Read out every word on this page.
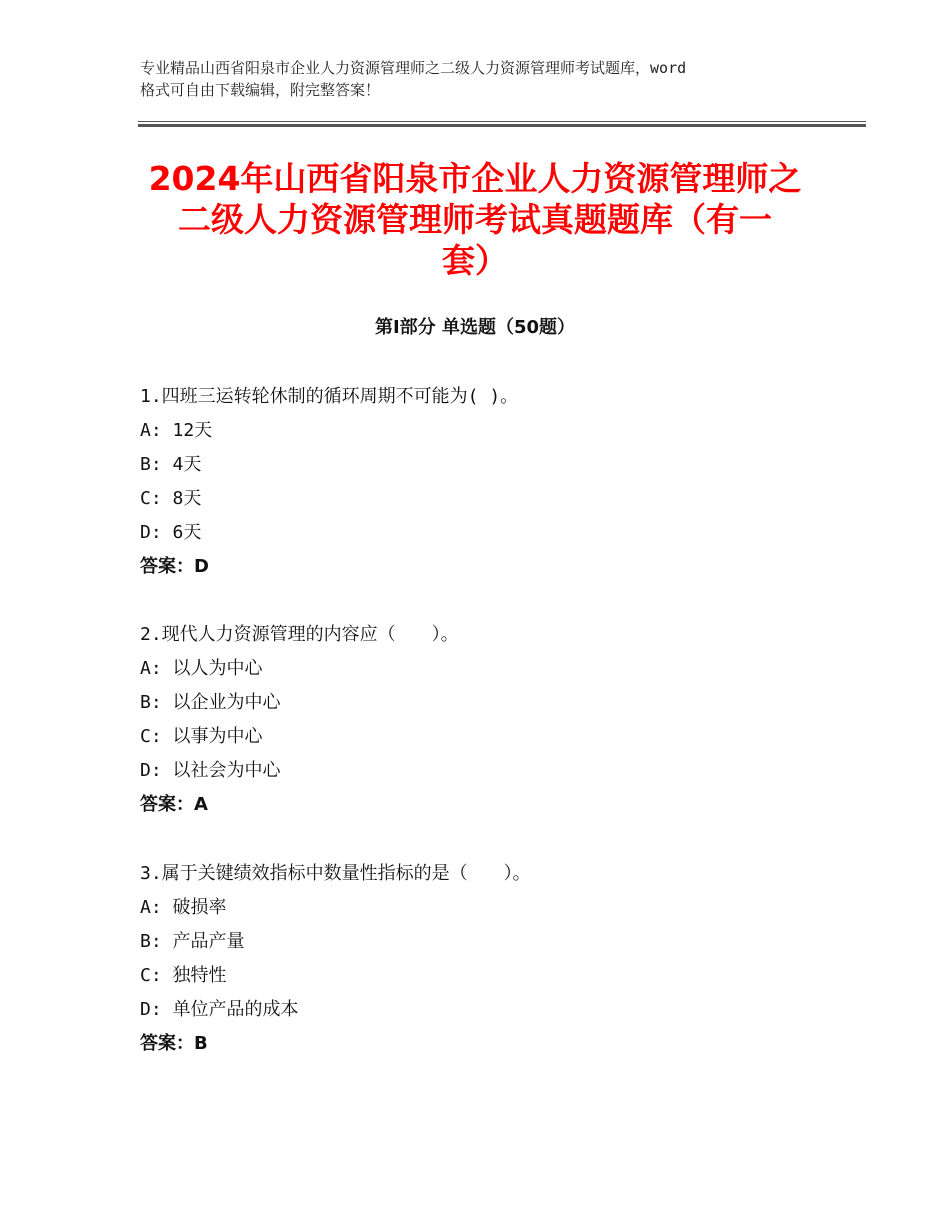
专业精品山西省阳泉市企业人力资源管理师之二级人力资源管理师考试题库，word
格式可自由下载编辑，附完整答案！
2024年山西省阳泉市企业人力资源管理师之
二级人力资源管理师考试真题题库（有一
套）
第Ⅰ部分 单选题（50题）
1.四班三运转轮休制的循环周期不可能为( )。
A: 12天
B: 4天
C: 8天
D: 6天
答案：D
2.现代人力资源管理的内容应（　　）。
A: 以人为中心
B: 以企业为中心
C: 以事为中心
D: 以社会为中心
答案：A
3.属于关键绩效指标中数量性指标的是（　　）。
A: 破损率
B: 产品产量
C: 独特性
D: 单位产品的成本
答案：B
